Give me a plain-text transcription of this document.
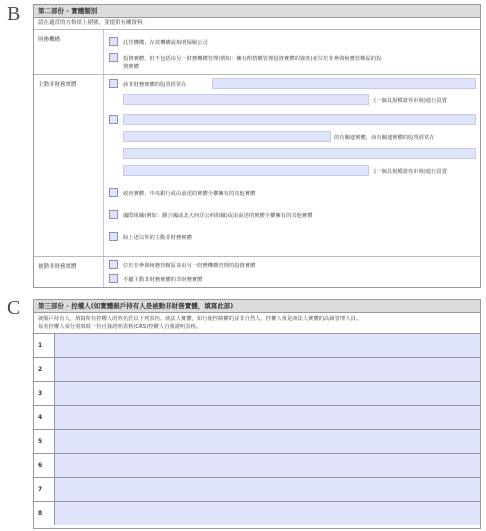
B	第二部份 - 實體類別
請在適當的方格填上剔號，並提供有關資料。
財務機構	託管機構、存款機構或指明保險公司
投資實體，但不包括由另一財務機構管理(例如：擁有酌情權管理投資實體的資產)並位於非參與稅務管轄區的投
資實體
主動非財務實體	該非財務實體的股票經常在
(一個具規模證券市場)進行買賣
的有關連實體，該有關連實體的股票經常在
(一個具規模證券市場)進行買賣
政府實體、中央銀行或由前述的實體全權擁有的其他實體
國際組織(例如：聯合國或北大西洋公約組織)或由前述的實體全權擁有的其他實體
除上述以外的主動非財務實體
被動非財務實體	位於非參與稅務管轄區並由另一財務機構管理的投資實體
不屬主動非財務實體的非財務實體
C	第三部份 - 控權人(如實體賬戶持有人是被動非財務實體，填寫此部)
就賬戶持有人，填寫所有控權人的姓名於以下列表內。就法人實體，如行使控制權的並非自然人，控權人會是該法人實體的高級管理人員。
每名控權人須分別填寫一份自我證明表格(CRS)控權人自我證明表格。
1
2
3
4
5
6
7
8
